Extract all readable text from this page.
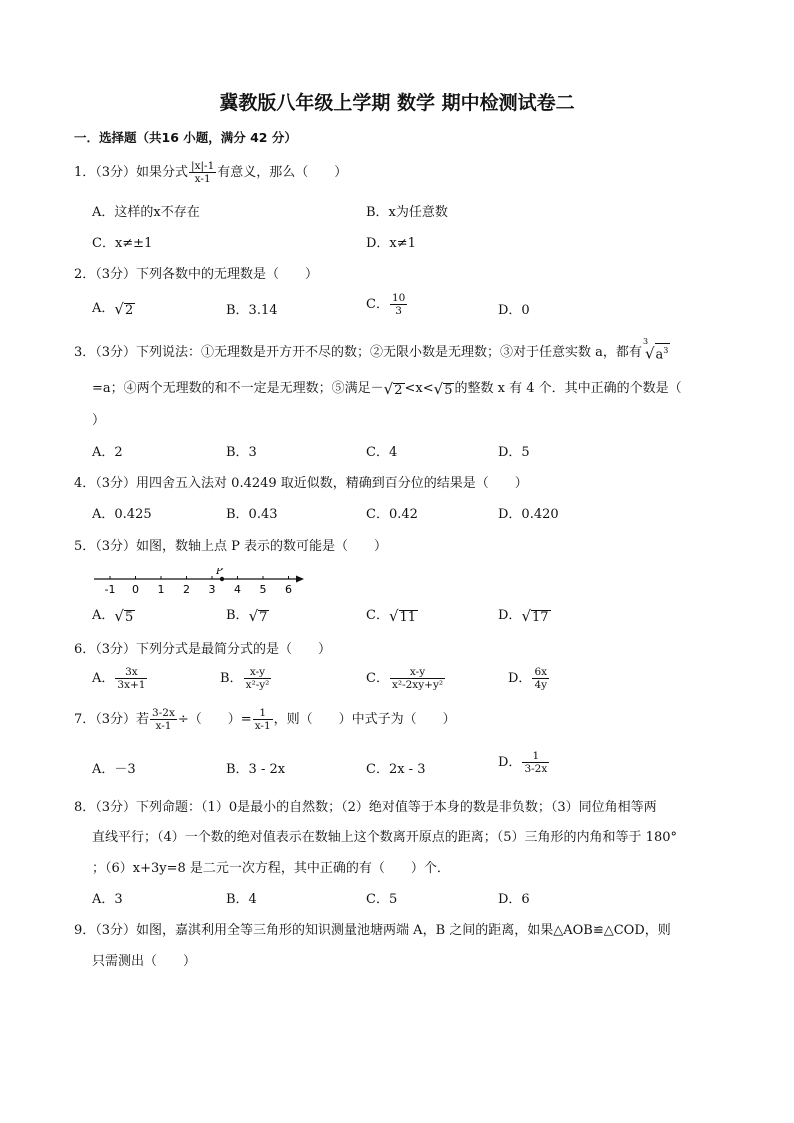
冀教版八年级上学期 数学 期中检测试卷二
一．选择题（共16 小题，满分 42 分）
1．（3分）如果分式 $\frac{|x|-1}{x-1}$ 有意义，那么（　　）
A．这样的x不存在	B．x为任意数
C．x≠±1	D．x≠1
2．（3分）下列各数中的无理数是（　　）
A．√2	B．3.14	C． $\frac{10}{3}$	D．0
3．（3分）下列说法：①无理数是开方开不尽的数；②无限小数是无理数；③对于任意实数 a，都有
3
$√a^3$
=a；④两个无理数的和不一定是无理数；⑤满足－√2 <x<√5 的整数 x 有 4 个．其中正确的个数是（
）
A．2	B．3	C．4	D．5
4．（3分）用四舍五入法对 0.4249 取近似数，精确到百分位的结果是（　　）
A．0.425	B．0.43	C．0.42	D．0.420
5．（3分）如图，数轴上点 P 表示的数可能是（　　）
-1 0 1 2 3 4 5 6
P
A．√5	B．√7	C．√11	D．√17
6．（3分）下列分式是最简分式的是（　　）
A． $\frac{3x}{3x+1}$	B． $\frac{x-y}{\text{x²-y²}}$	C． $\frac{x-y}{\text{x²-2xy+y²}}$	D． $\frac{6x}{4y}$
7．（3分）若 $\frac{3-2x}{x-1}$ ÷（　　）= $\frac{1}{x-1}$ ，则（　　）中式子为（　　）
A．－3	B．3 - 2x	C．2x - 3	D． $\frac{1}{3-2x}$
8．（3分）下列命题：（1）0是最小的自然数；（2）绝对值等于本身的数是非负数；（3）同位角相等两
直线平行；（4）一个数的绝对值表示在数轴上这个数离开原点的距离；（5）三角形的内角和等于 180°
；（6）x+3y=8 是二元一次方程，其中正确的有（　　）个．
A．3	B．4	C．5	D．6
9．（3分）如图，嘉淇利用全等三角形的知识测量池塘两端 A，B 之间的距离，如果△AOB≌△COD，则
只需测出（　　）
